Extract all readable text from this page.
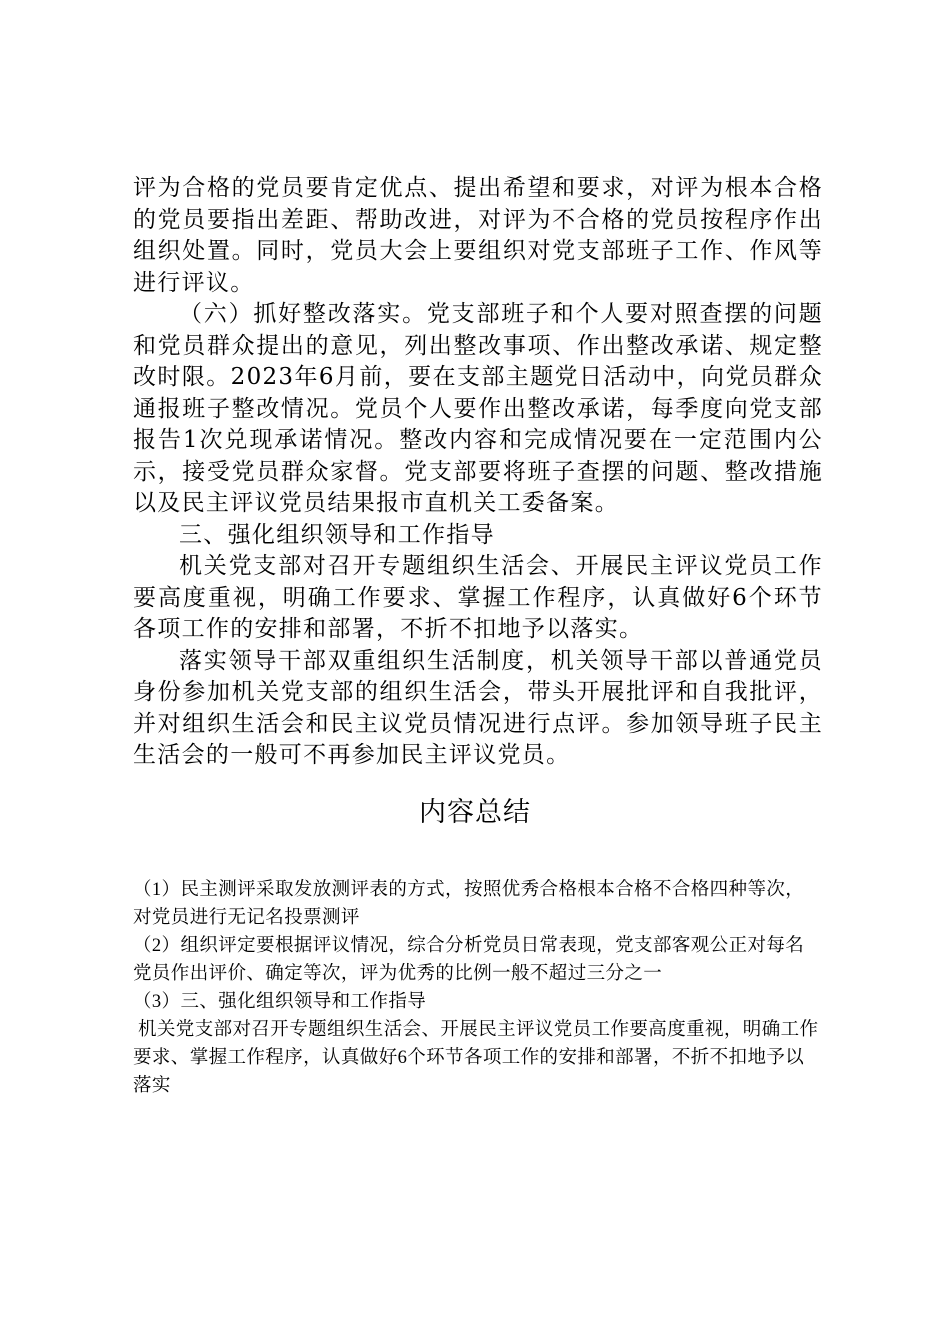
评为合格的党员要肯定优点、提出希望和要求，对评为根本合格的党员要指出差距、帮助改进，对评为不合格的党员按程序作出组织处置。同时，党员大会上要组织对党支部班子工作、作风等进行评议。

（六）抓好整改落实。党支部班子和个人要对照查摆的问题和党员群众提出的意见，列出整改事项、作出整改承诺、规定整改时限。2023年6月前，要在支部主题党日活动中，向党员群众通报班子整改情况。党员个人要作出整改承诺，每季度向党支部报告1次兑现承诺情况。整改内容和完成情况要在一定范围内公示，接受党员群众家督。党支部要将班子查摆的问题、整改措施以及民主评议党员结果报市直机关工委备案。

三、强化组织领导和工作指导

机关党支部对召开专题组织生活会、开展民主评议党员工作要高度重视，明确工作要求、掌握工作程序，认真做好6个环节各项工作的安排和部署，不折不扣地予以落实。

落实领导干部双重组织生活制度，机关领导干部以普通党员身份参加机关党支部的组织生活会，带头开展批评和自我批评，并对组织生活会和民主议党员情况进行点评。参加领导班子民主生活会的一般可不再参加民主评议党员。

内容总结

（1）民主测评采取发放测评表的方式，按照优秀合格根本合格不合格四种等次，对党员进行无记名投票测评

（2）组织评定要根据评议情况，综合分析党员日常表现，党支部客观公正对每名党员作出评价、确定等次，评为优秀的比例一般不超过三分之一

（3）三、强化组织领导和工作指导

机关党支部对召开专题组织生活会、开展民主评议党员工作要高度重视，明确工作要求、掌握工作程序，认真做好6个环节各项工作的安排和部署，不折不扣地予以落实
